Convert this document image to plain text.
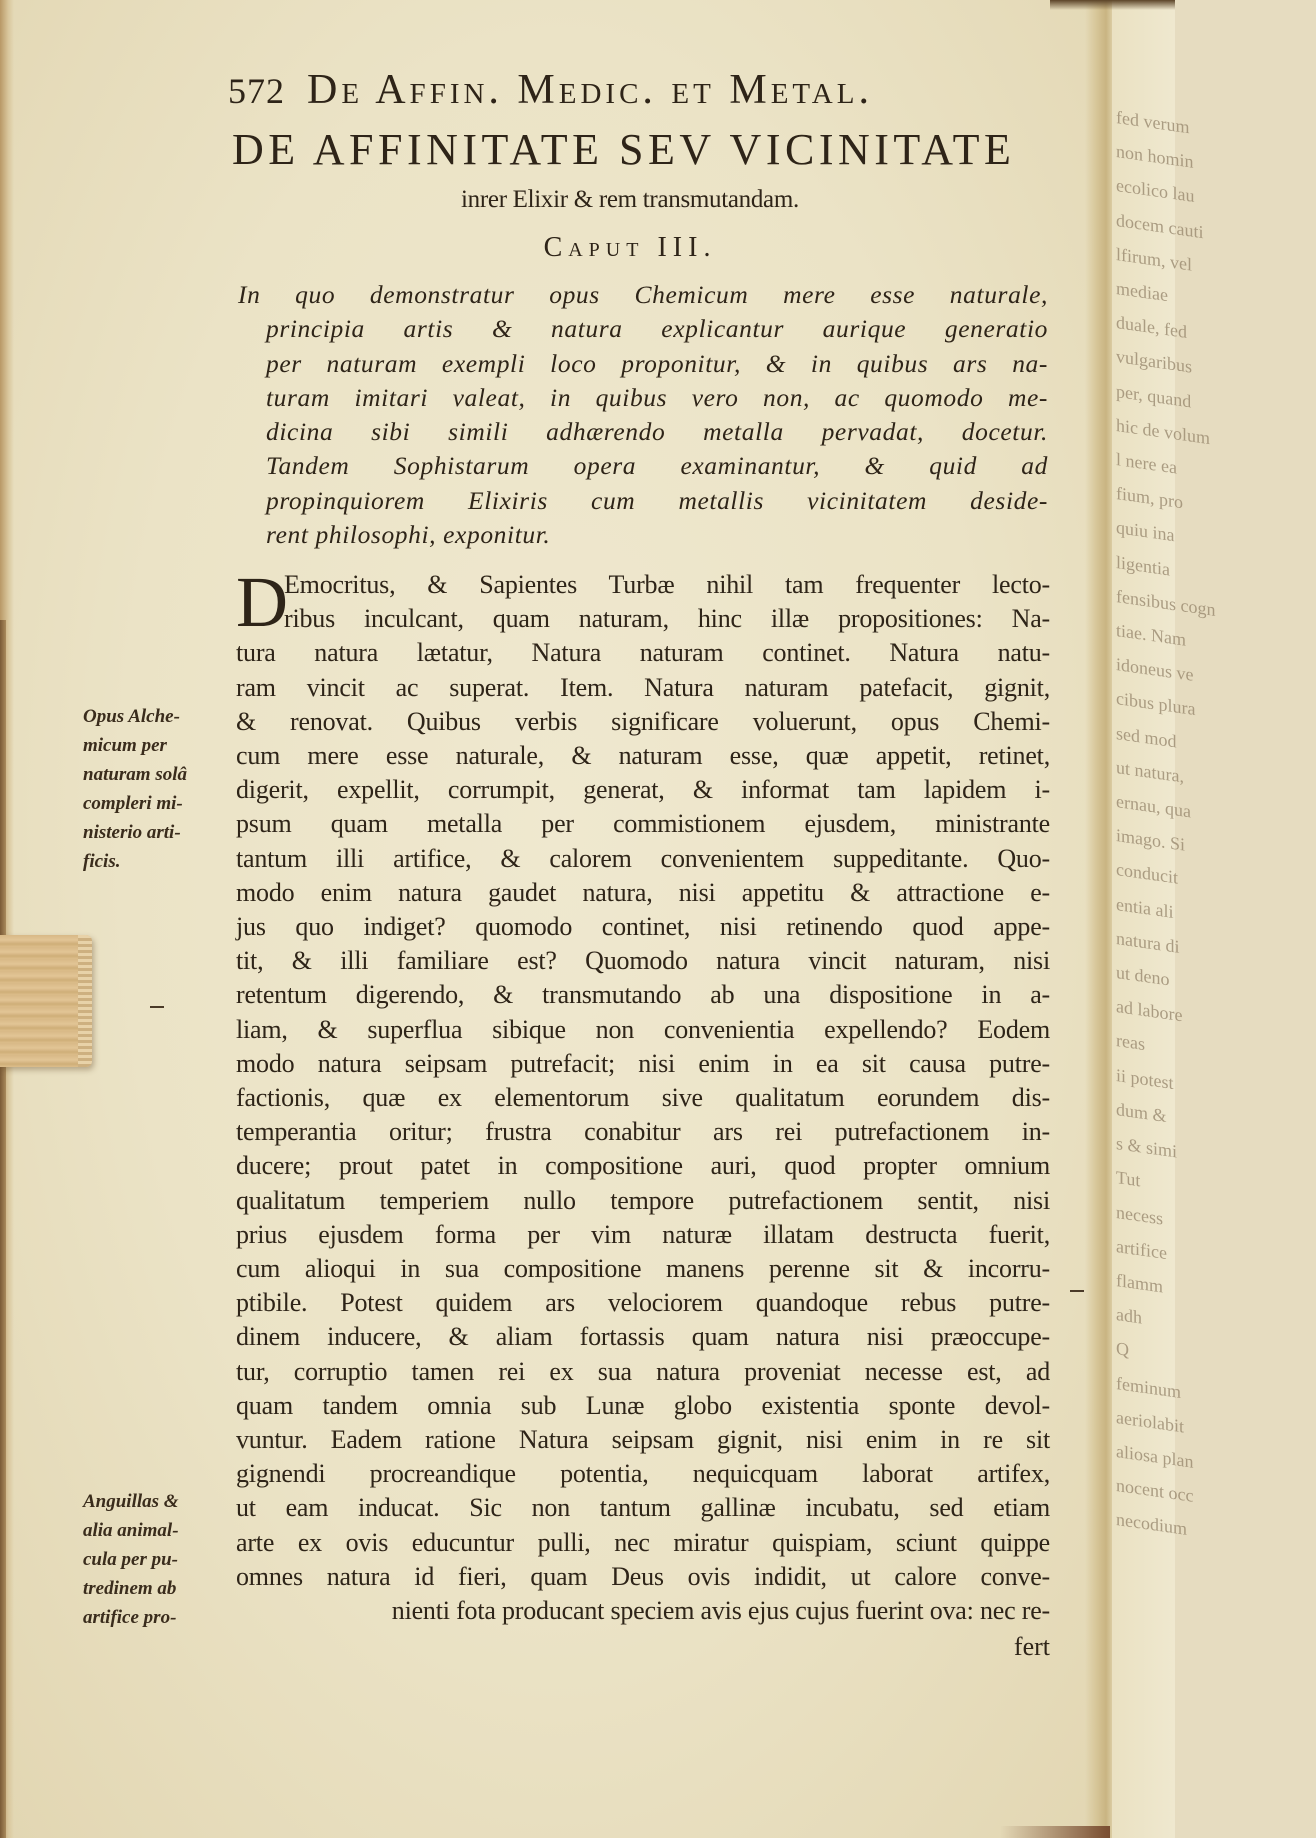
fed verum
non homin
ecolico lau
docem cauti
lfirum, vel
mediae
duale, fed
vulgaribus
per, quand
hic de volum
l nere ea
fium, pro
quiu ina
ligentia
fensibus cogn
tiae. Nam
idoneus ve
cibus plura
sed mod
ut natura,
ernau, qua
imago. Si
conducit
entia ali
natura di
ut deno
ad labore
reas
ii potest
dum &
s & simi
Tut
necess
artifice
flamm
adh
Q
feminum
aeriolabit
aliosa plan
nocent occ
necodium
572 De Affin. Medic. et Metal.
DE AFFINITATE SEV VICINITATE
inrer Elixir & rem transmutandam.
Caput III.
In quo demonstratur opus Chemicum mere esse naturale,
principia artis & natura explicantur aurique generatio
per naturam exempli loco proponitur, & in quibus ars na-
turam imitari valeat, in quibus vero non, ac quomodo me-
dicina sibi simili adhærendo metalla pervadat, docetur.
Tandem Sophistarum opera examinantur, & quid ad
propinquiorem Elixiris cum metallis vicinitatem deside-
rent philosophi, exponitur.
D
Emocritus, & Sapientes Turbæ nihil tam frequenter lecto-
ribus inculcant, quam naturam, hinc illæ propositiones: Na-
tura natura lætatur, Natura naturam continet. Natura natu-
ram vincit ac superat. Item. Natura naturam patefacit, gignit,
& renovat. Quibus verbis significare voluerunt, opus Chemi-
cum mere esse naturale, & naturam esse, quæ appetit, retinet,
digerit, expellit, corrumpit, generat, & informat tam lapidem i-
psum quam metalla per commistionem ejusdem, ministrante
tantum illi artifice, & calorem convenientem suppeditante. Quo-
modo enim natura gaudet natura, nisi appetitu & attractione e-
jus quo indiget? quomodo continet, nisi retinendo quod appe-
tit, & illi familiare est? Quomodo natura vincit naturam, nisi
retentum digerendo, & transmutando ab una dispositione in a-
liam, & superflua sibique non convenientia expellendo? Eodem
modo natura seipsam putrefacit; nisi enim in ea sit causa putre-
factionis, quæ ex elementorum sive qualitatum eorundem dis-
temperantia oritur; frustra conabitur ars rei putrefactionem in-
ducere; prout patet in compositione auri, quod propter omnium
qualitatum temperiem nullo tempore putrefactionem sentit, nisi
prius ejusdem forma per vim naturæ illatam destructa fuerit,
cum alioqui in sua compositione manens perenne sit & incorru-
ptibile. Potest quidem ars velociorem quandoque rebus putre-
dinem inducere, & aliam fortassis quam natura nisi præoccupe-
tur, corruptio tamen rei ex sua natura proveniat necesse est, ad
quam tandem omnia sub Lunæ globo existentia sponte devol-
vuntur. Eadem ratione Natura seipsam gignit, nisi enim in re sit
gignendi procreandique potentia, nequicquam laborat artifex,
ut eam inducat. Sic non tantum gallinæ incubatu, sed etiam
arte ex ovis educuntur pulli, nec miratur quispiam, sciunt quippe
omnes natura id fieri, quam Deus ovis indidit, ut calore conve-
nienti fota producant speciem avis ejus cujus fuerint ova: nec re-
fert
Opus Alche-
micum per
naturam solâ
compleri mi-
nisterio arti-
ficis.
Anguillas &
alia animal-
cula per pu-
tredinem ab
artifice pro-
